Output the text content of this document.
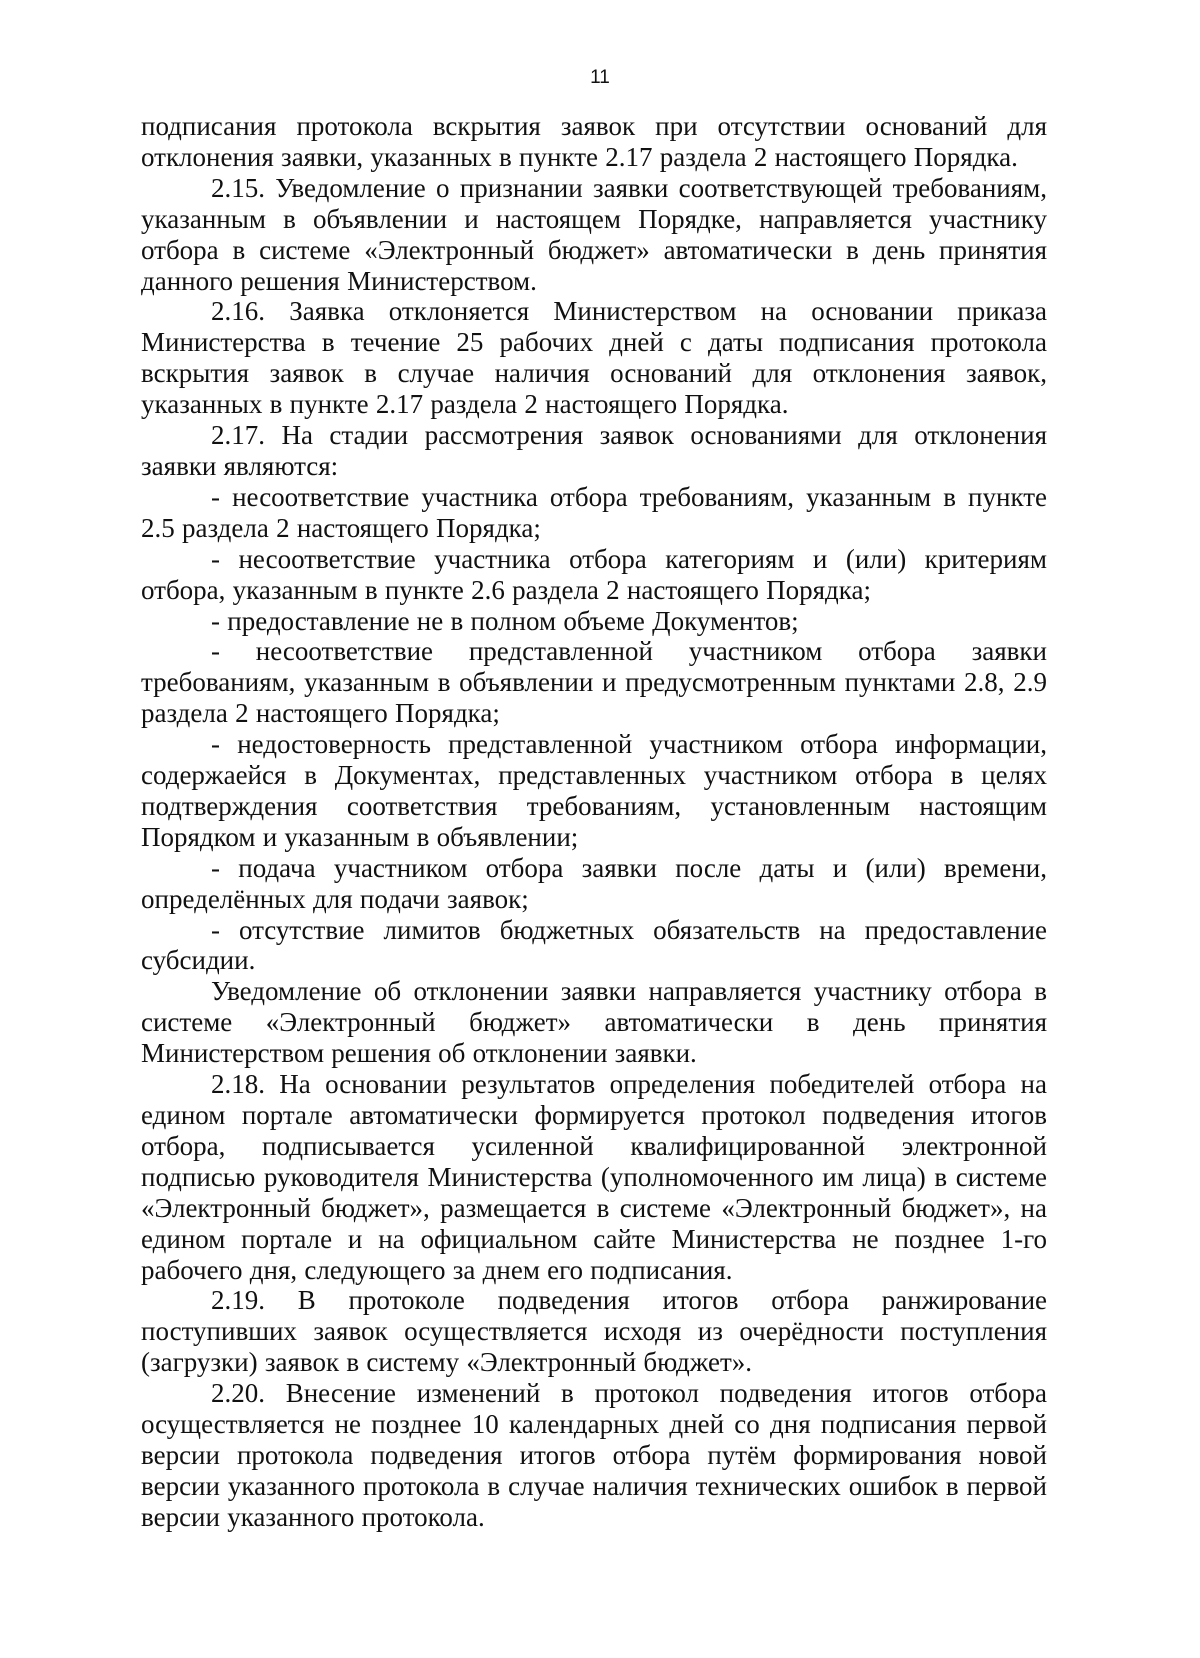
11

подписания протокола вскрытия заявок при отсутствии оснований для отклонения заявки, указанных в пункте 2.17 раздела 2 настоящего Порядка.

2.15. Уведомление о признании заявки соответствующей требованиям, указанным в объявлении и настоящем Порядке, направляется участнику отбора в системе «Электронный бюджет» автоматически в день принятия данного решения Министерством.

2.16. Заявка отклоняется Министерством на основании приказа Министерства в течение 25 рабочих дней с даты подписания протокола вскрытия заявок в случае наличия оснований для отклонения заявок, указанных в пункте 2.17 раздела 2 настоящего Порядка.

2.17. На стадии рассмотрения заявок основаниями для отклонения заявки являются:

- несоответствие участника отбора требованиям, указанным в пункте 2.5 раздела 2 настоящего Порядка;

- несоответствие участника отбора категориям и (или) критериям отбора, указанным в пункте 2.6 раздела 2 настоящего Порядка;

- предоставление не в полном объеме Документов;

- несоответствие представленной участником отбора заявки требованиям, указанным в объявлении и предусмотренным пунктами 2.8, 2.9 раздела 2 настоящего Порядка;

- недостоверность представленной участником отбора информации, содержаейся в Документах, представленных участником отбора в целях подтверждения соответствия требованиям, установленным настоящим Порядком и указанным в объявлении;

- подача участником отбора заявки после даты и (или) времени, определённых для подачи заявок;

- отсутствие лимитов бюджетных обязательств на предоставление субсидии.

Уведомление об отклонении заявки направляется участнику отбора в системе «Электронный бюджет» автоматически в день принятия Министерством решения об отклонении заявки.

2.18. На основании результатов определения победителей отбора на едином портале автоматически формируется протокол подведения итогов отбора, подписывается усиленной квалифицированной электронной подписью руководителя Министерства (уполномоченного им лица) в системе «Электронный бюджет», размещается в системе «Электронный бюджет», на едином портале и на официальном сайте Министерства не позднее 1-го рабочего дня, следующего за днем его подписания.

2.19. В протоколе подведения итогов отбора ранжирование поступивших заявок осуществляется исходя из очерёдности поступления (загрузки) заявок в систему «Электронный бюджет».

2.20. Внесение изменений в протокол подведения итогов отбора осуществляется не позднее 10 календарных дней со дня подписания первой версии протокола подведения итогов отбора путём формирования новой версии указанного протокола в случае наличия технических ошибок в первой версии указанного протокола.
